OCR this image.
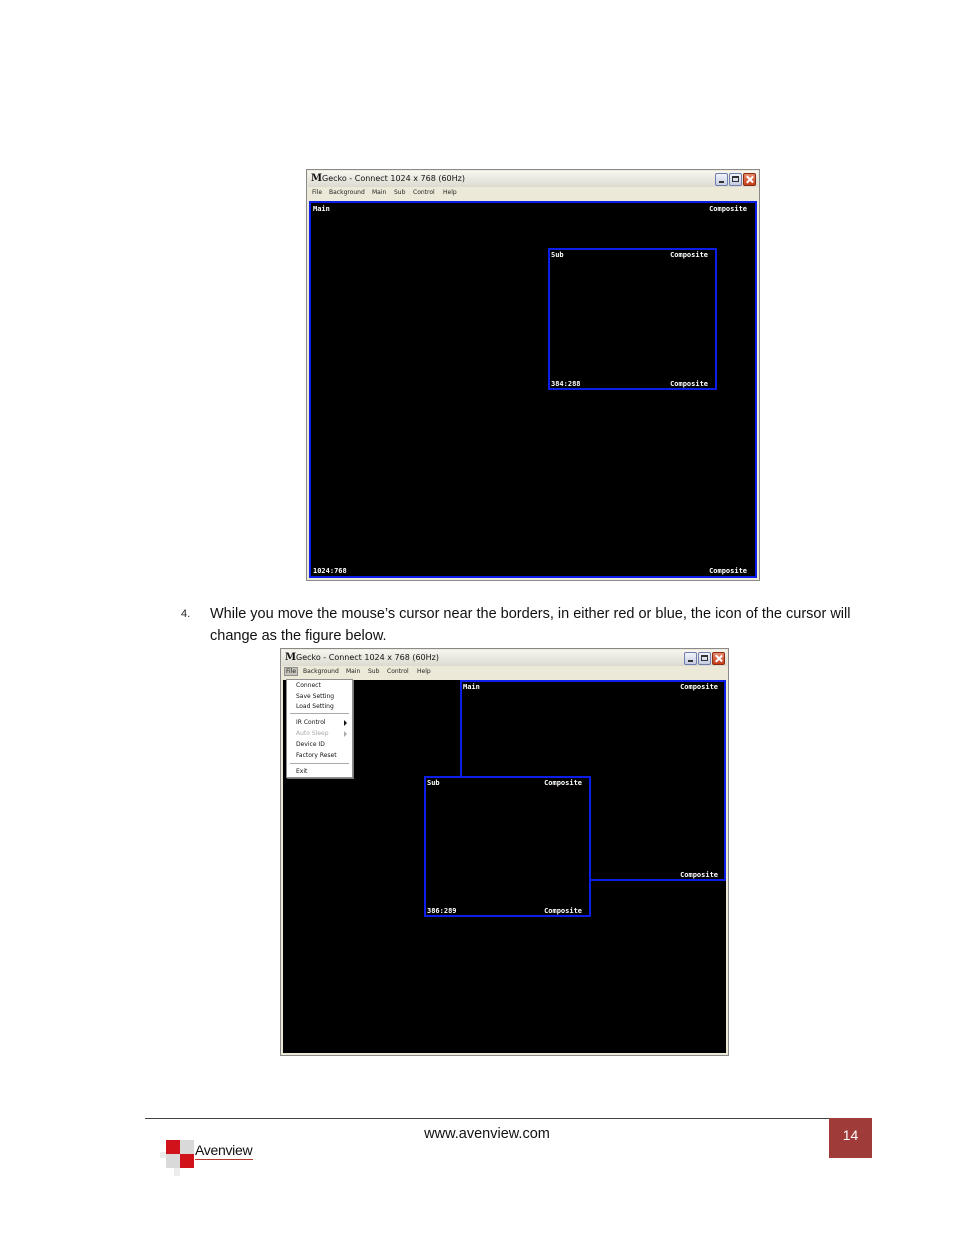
M Gecko - Connect 1024 x 768 (60Hz)
File Background Main Sub Control Help
Main	Composite
1024:768	Composite
Sub	Composite
384:288	Composite
4. While you move the mouse’s cursor near the borders, in either red or blue, the icon of the cursor will change as the figure below.
M Gecko - Connect 1024 x 768 (60Hz)
File Background Main Sub Control Help
Main	Composite
Composite
Sub	Composite
386:289	Composite
Connect
Save Setting
Load Setting
IR Control
Auto Sleep
Device ID
Factory Reset
Exit
www.avenview.com	14
Avenview
